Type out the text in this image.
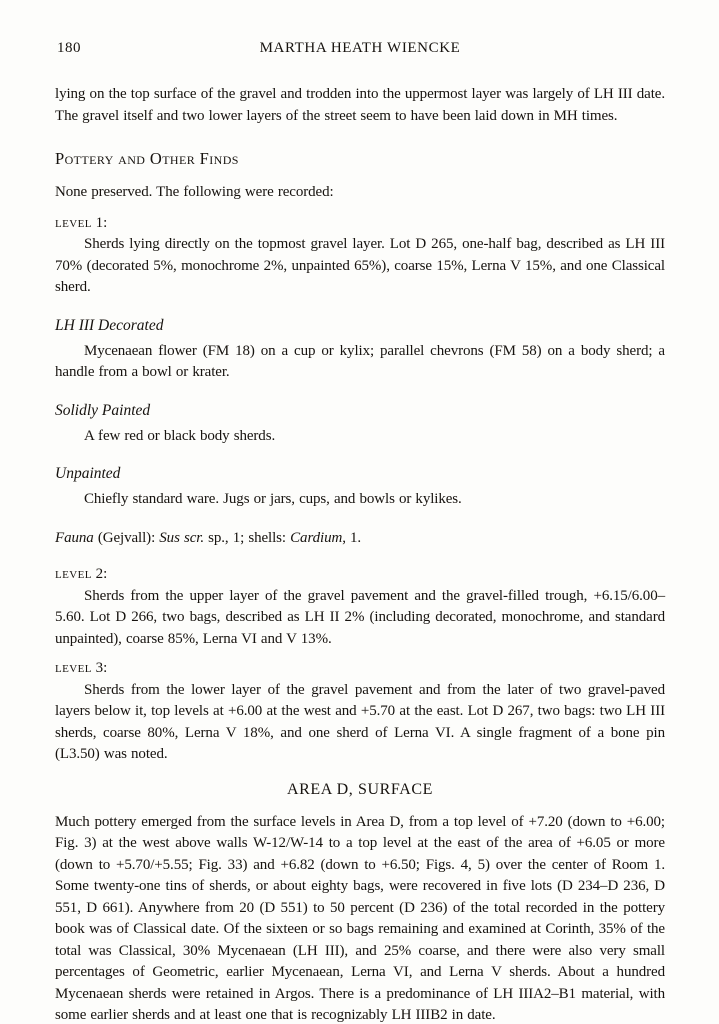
180	MARTHA HEATH WIENCKE

lying on the top surface of the gravel and trodden into the uppermost layer was largely of LH III date. The gravel itself and two lower layers of the street seem to have been laid down in MH times.

Pottery and Other Finds

None preserved. The following were recorded:

level 1:

Sherds lying directly on the topmost gravel layer. Lot D 265, one-half bag, described as LH III 70% (decorated 5%, monochrome 2%, unpainted 65%), coarse 15%, Lerna V 15%, and one Classical sherd.

LH III Decorated

Mycenaean flower (FM 18) on a cup or kylix; parallel chevrons (FM 58) on a body sherd; a handle from a bowl or krater.

Solidly Painted

A few red or black body sherds.

Unpainted

Chiefly standard ware. Jugs or jars, cups, and bowls or kylikes.

Fauna (Gejvall): Sus scr. sp., 1; shells: Cardium, 1.

level 2:

Sherds from the upper layer of the gravel pavement and the gravel-filled trough, +6.15/6.00–5.60. Lot D 266, two bags, described as LH II 2% (including decorated, monochrome, and standard unpainted), coarse 85%, Lerna VI and V 13%.

level 3:

Sherds from the lower layer of the gravel pavement and from the later of two gravel-paved layers below it, top levels at +6.00 at the west and +5.70 at the east. Lot D 267, two bags: two LH III sherds, coarse 80%, Lerna V 18%, and one sherd of Lerna VI. A single fragment of a bone pin (L3.50) was noted.

AREA D, SURFACE

Much pottery emerged from the surface levels in Area D, from a top level of +7.20 (down to +6.00; Fig. 3) at the west above walls W-12/W-14 to a top level at the east of the area of +6.05 or more (down to +5.70/+5.55; Fig. 33) and +6.82 (down to +6.50; Figs. 4, 5) over the center of Room 1. Some twenty-one tins of sherds, or about eighty bags, were recovered in five lots (D 234–D 236, D 551, D 661). Anywhere from 20 (D 551) to 50 percent (D 236) of the total recorded in the pottery book was of Classical date. Of the sixteen or so bags remaining and examined at Corinth, 35% of the total was Classical, 30% Mycenaean (LH III), and 25% coarse, and there were also very small percentages of Geometric, earlier Mycenaean, Lerna VI, and Lerna V sherds. About a hundred Mycenaean sherds were retained in Argos. There is a predominance of LH IIIA2–B1 material, with some earlier sherds and at least one that is recognizably LH IIIB2 in date.
